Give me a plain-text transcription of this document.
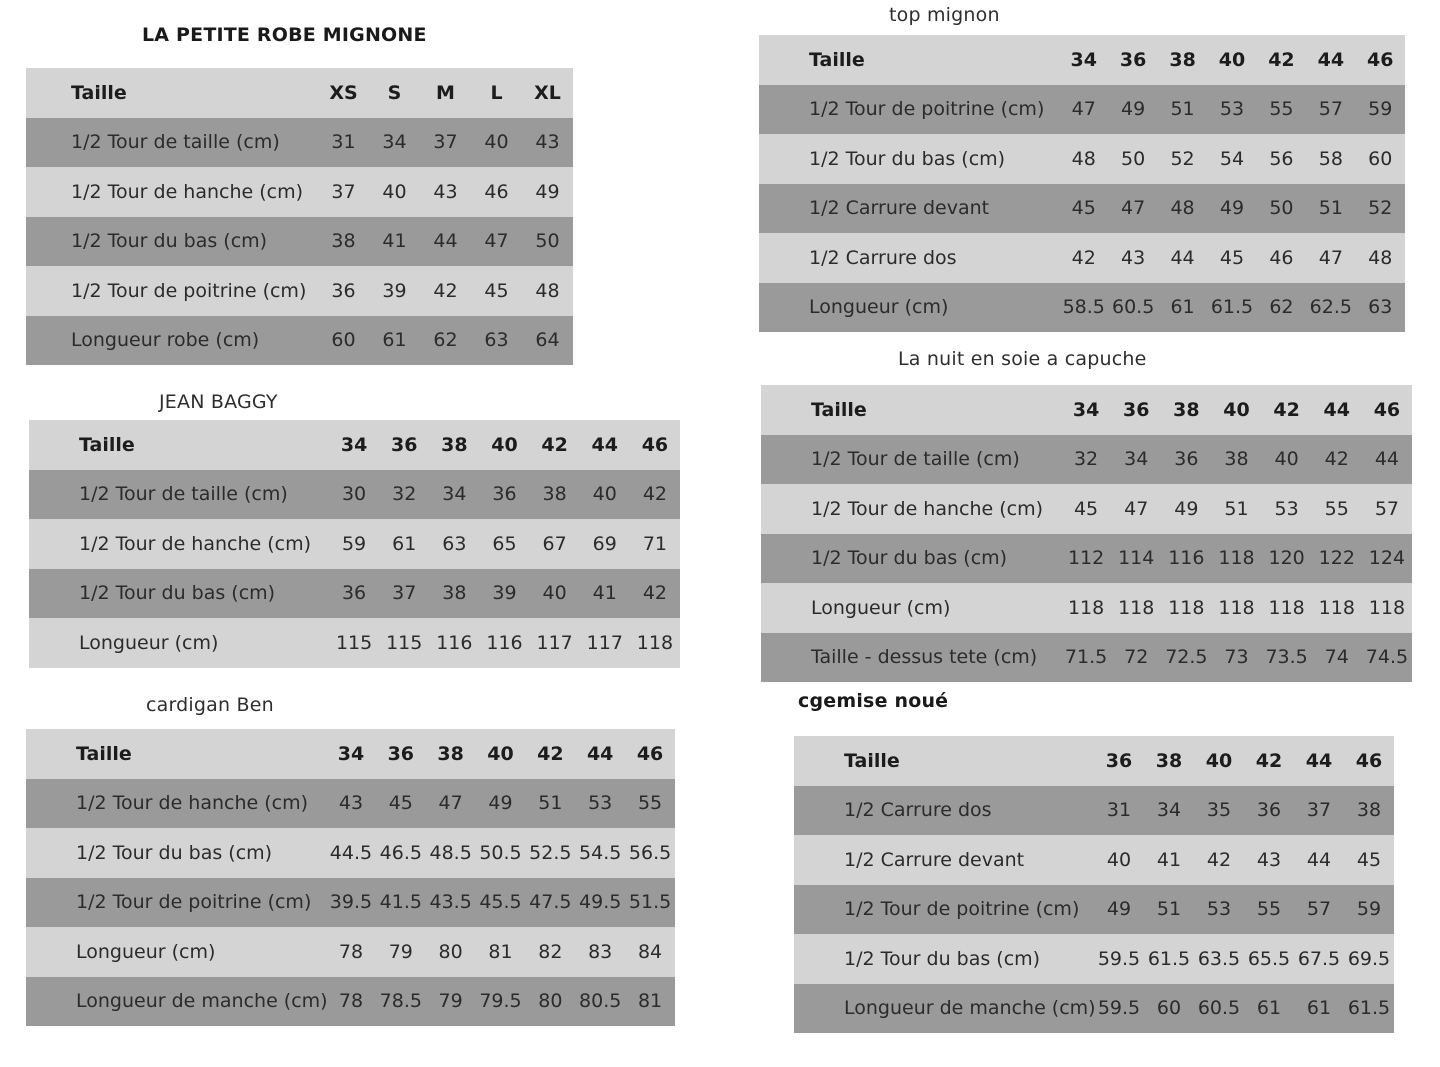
LA PETITE ROBE MIGNONE
Taille	XS	S	M	L	XL
1/2 Tour de taille (cm)	31	34	37	40	43
1/2 Tour de hanche (cm)	37	40	43	46	49
1/2 Tour du bas (cm)	38	41	44	47	50
1/2 Tour de poitrine (cm)	36	39	42	45	48
Longueur robe (cm)	60	61	62	63	64
JEAN BAGGY
Taille	34	36	38	40	42	44	46
1/2 Tour de taille (cm)	30	32	34	36	38	40	42
1/2 Tour de hanche (cm)	59	61	63	65	67	69	71
1/2 Tour du bas (cm)	36	37	38	39	40	41	42
Longueur (cm)	115	115	116	116	117	117	118
cardigan Ben
Taille	34	36	38	40	42	44	46
1/2 Tour de hanche (cm)	43	45	47	49	51	53	55
1/2 Tour du bas (cm)	44.5	46.5	48.5	50.5	52.5	54.5	56.5
1/2 Tour de poitrine (cm)	39.5	41.5	43.5	45.5	47.5	49.5	51.5
Longueur (cm)	78	79	80	81	82	83	84
Longueur de manche (cm)	78	78.5	79	79.5	80	80.5	81
top mignon
Taille	34	36	38	40	42	44	46
1/2 Tour de poitrine (cm)	47	49	51	53	55	57	59
1/2 Tour du bas (cm)	48	50	52	54	56	58	60
1/2 Carrure devant	45	47	48	49	50	51	52
1/2 Carrure dos	42	43	44	45	46	47	48
Longueur (cm)	58.5	60.5	61	61.5	62	62.5	63
La nuit en soie a capuche
Taille	34	36	38	40	42	44	46
1/2 Tour de taille (cm)	32	34	36	38	40	42	44
1/2 Tour de hanche (cm)	45	47	49	51	53	55	57
1/2 Tour du bas (cm)	112	114	116	118	120	122	124
Longueur (cm)	118	118	118	118	118	118	118
Taille - dessus tete (cm)	71.5	72	72.5	73	73.5	74	74.5
cgemise noué
Taille	36	38	40	42	44	46
1/2 Carrure dos	31	34	35	36	37	38
1/2 Carrure devant	40	41	42	43	44	45
1/2 Tour de poitrine (cm)	49	51	53	55	57	59
1/2 Tour du bas (cm)	59.5	61.5	63.5	65.5	67.5	69.5
Longueur de manche (cm)	59.5	60	60.5	61	61	61.5
